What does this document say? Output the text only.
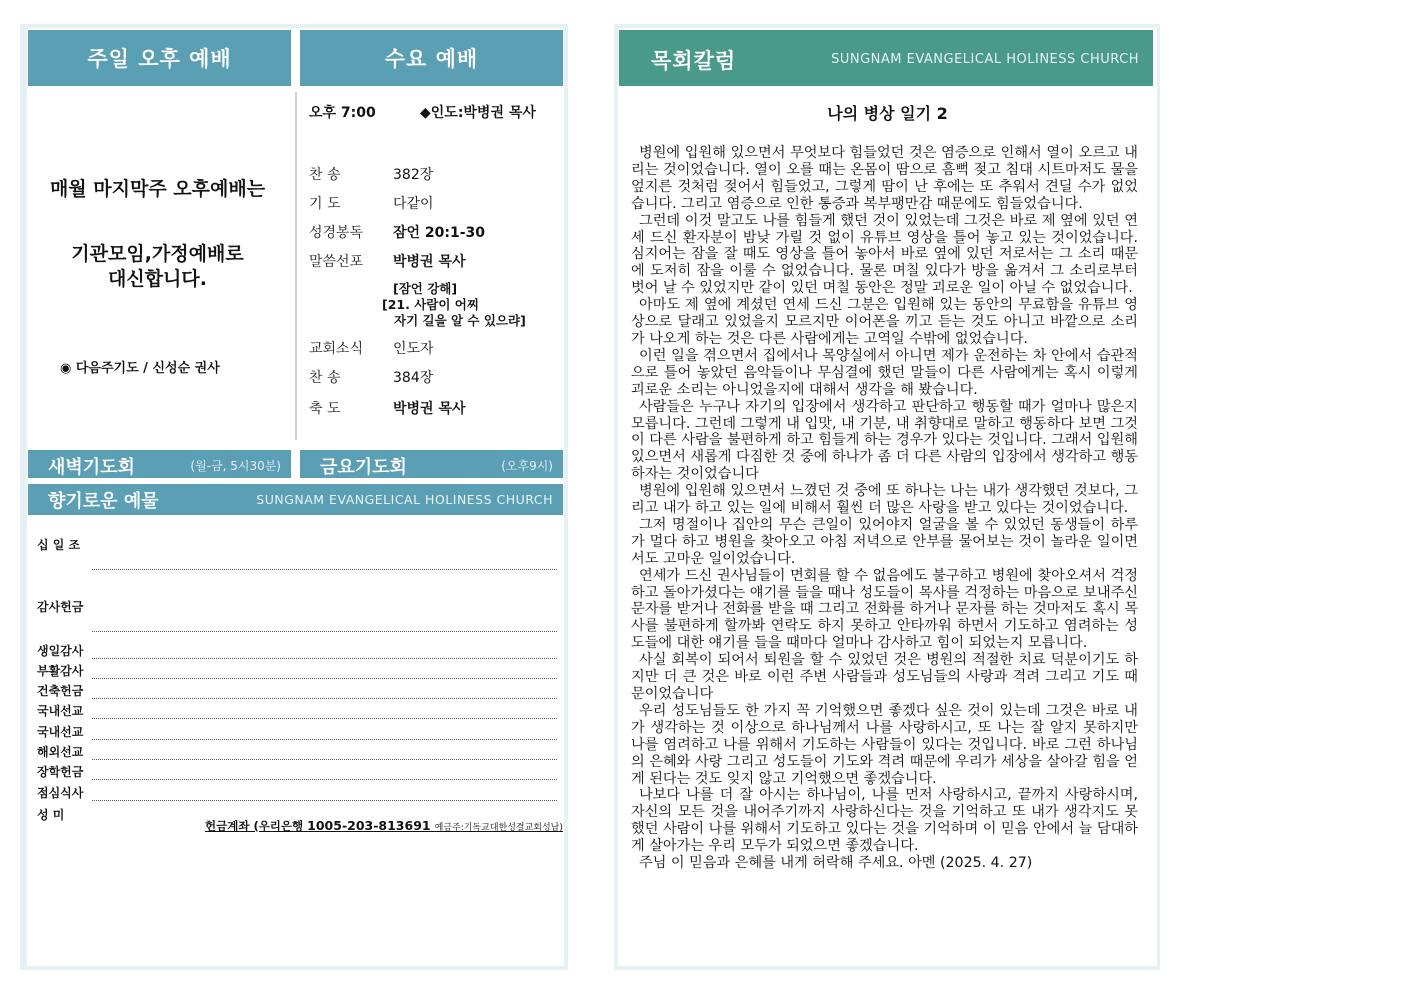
주일 오후 예배	수요 예배
매월 마지막주 오후예배는
기관모임,가정예배로
대신합니다.
◉ 다음주기도 / 신성순 권사
오후 7:00	◆인도:박병권 목사
찬 송	382장
기 도	다같이
성경봉독 잠언 20:1-30
말씀선포 박병권 목사
[잠언 강해]
[21. 사람이 어찌
자기 길을 알 수 있으랴]
교회소식 인도자
찬 송	384장
축 도	박병권 목사
새벽기도회	(월-금, 5시30분) 금요기도회	(오후9시)
향기로운 예물	SUNGNAM EVANGELICAL HOLINESS CHURCH
십 일 조
감사헌금
생일감사
부활감사
건축헌금
국내선교
국내선교
해외선교
장학헌금
점심식사
성 미
헌금계좌 (우리은행 1005-203-813691 예금주:기독교대한성결교회성남)
목회칼럼	SUNGNAM EVANGELICAL HOLINESS CHURCH
나의 병상 일기 2

병원에 입원해 있으면서 무엇보다 힘들었던 것은 염증으로 인해서 열이 오르고 내리는 것이었습니다. 열이 오를 때는 온몸이 땀으로 흠뻑 젖고 침대 시트마저도 물을 엎지른 것처럼 젖어서 힘들었고, 그렇게 땀이 난 후에는 또 추워서 견딜 수가 없었습니다. 그리고 염증으로 인한 통증과 복부팽만감 때문에도 힘들었습니다.

그런데 이것 말고도 나를 힘들게 했던 것이 있었는데 그것은 바로 제 옆에 있던 연세 드신 환자분이 밤낮 가릴 것 없이 유튜브 영상을 틀어 놓고 있는 것이었습니다. 심지어는 잠을 잘 때도 영상을 틀어 놓아서 바로 옆에 있던 저로서는 그 소리 때문에 도저히 잠을 이룰 수 없었습니다. 물론 며칠 있다가 방을 옮겨서 그 소리로부터 벗어 날 수 있었지만 같이 있던 며칠 동안은 정말 괴로운 일이 아닐 수 없었습니다.

아마도 제 옆에 계셨던 연세 드신 그분은 입원해 있는 동안의 무료함을 유튜브 영상으로 달래고 있었을지 모르지만 이어폰을 끼고 듣는 것도 아니고 바깥으로 소리가 나오게 하는 것은 다른 사람에게는 고역일 수밖에 없었습니다.

이런 일을 겪으면서 집에서나 목양실에서 아니면 제가 운전하는 차 안에서 습관적으로 틀어 놓았던 음악들이나 무심결에 했던 말들이 다른 사람에게는 혹시 이렇게 괴로운 소리는 아니었을지에 대해서 생각을 해 봤습니다.

사람들은 누구나 자기의 입장에서 생각하고 판단하고 행동할 때가 얼마나 많은지 모릅니다. 그런데 그렇게 내 입맛, 내 기분, 내 취향대로 말하고 행동하다 보면 그것이 다른 사람을 불편하게 하고 힘들게 하는 경우가 있다는 것입니다. 그래서 입원해 있으면서 새롭게 다짐한 것 중에 하나가 좀 더 다른 사람의 입장에서 생각하고 행동하자는 것이었습니다

병원에 입원해 있으면서 느꼈던 것 중에 또 하나는 나는 내가 생각했던 것보다, 그리고 내가 하고 있는 일에 비해서 훨씬 더 많은 사랑을 받고 있다는 것이었습니다.

그저 명절이나 집안의 무슨 큰일이 있어야지 얼굴을 볼 수 있었던 동생들이 하루가 멀다 하고 병원을 찾아오고 아침 저녁으로 안부를 물어보는 것이 놀라운 일이면서도 고마운 일이었습니다.

연세가 드신 권사님들이 면회를 할 수 없음에도 불구하고 병원에 찾아오셔서 걱정하고 돌아가셨다는 얘기를 들을 때나 성도들이 목사를 걱정하는 마음으로 보내주신 문자를 받거나 전화를 받을 때 그리고 전화를 하거나 문자를 하는 것마저도 혹시 목사를 불편하게 할까봐 연락도 하지 못하고 안타까워 하면서 기도하고 염려하는 성도들에 대한 얘기를 들을 때마다 얼마나 감사하고 힘이 되었는지 모릅니다.

사실 회복이 되어서 퇴원을 할 수 있었던 것은 병원의 적절한 치료 덕분이기도 하지만 더 큰 것은 바로 이런 주변 사람들과 성도님들의 사랑과 격려 그리고 기도 때문이었습니다

우리 성도님들도 한 가지 꼭 기억했으면 좋겠다 싶은 것이 있는데 그것은 바로 내가 생각하는 것 이상으로 하나님께서 나를 사랑하시고, 또 나는 잘 알지 못하지만 나를 염려하고 나를 위해서 기도하는 사람들이 있다는 것입니다. 바로 그런 하나님의 은혜와 사랑 그리고 성도들이 기도와 격려 때문에 우리가 세상을 살아갈 힘을 얻게 된다는 것도 잊지 않고 기억했으면 좋겠습니다.

나보다 나를 더 잘 아시는 하나님이, 나를 먼저 사랑하시고, 끝까지 사랑하시며, 자신의 모든 것을 내어주기까지 사랑하신다는 것을 기억하고 또 내가 생각지도 못했던 사람이 나를 위해서 기도하고 있다는 것을 기억하며 이 믿음 안에서 늘 담대하게 살아가는 우리 모두가 되었으면 좋겠습니다.

주님 이 믿음과 은혜를 내게 허락해 주세요. 아멘 (2025. 4. 27)
